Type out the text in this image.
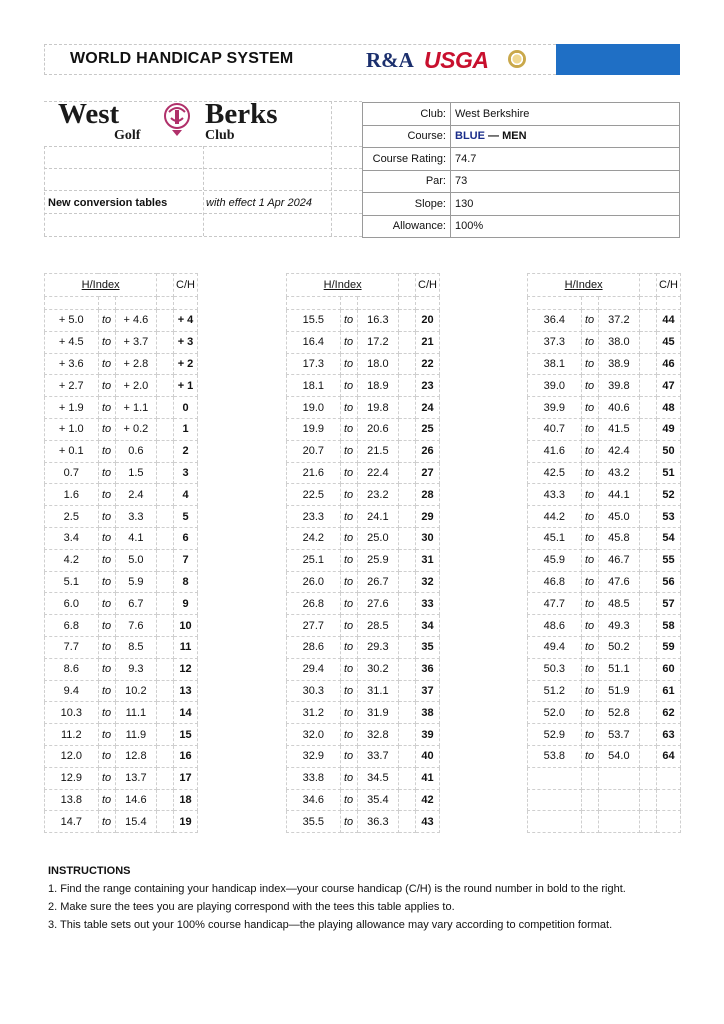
WORLD HANDICAP SYSTEM	R&A USGA
West	Berks
Golf	Club
New conversion tables	with effect 1 Apr 2024
Club:	West Berkshire
Course:	BLUE — MEN
Course Rating:	74.7
Par:	73
Slope:	130
Allowance:	100%
H/Index				C/H

+ 5.0	to	+ 4.6		+ 4
+ 4.5	to	+ 3.7		+ 3
+ 3.6	to	+ 2.8		+ 2
+ 2.7	to	+ 2.0		+ 1
+ 1.9	to	+ 1.1		0
+ 1.0	to	+ 0.2		1
+ 0.1	to	0.6		2
0.7	to	1.5		3
1.6	to	2.4		4
2.5	to	3.3		5
3.4	to	4.1		6
4.2	to	5.0		7
5.1	to	5.9		8
6.0	to	6.7		9
6.8	to	7.6		10
7.7	to	8.5		11
8.6	to	9.3		12
9.4	to	10.2		13
10.3	to	11.1		14
11.2	to	11.9		15
12.0	to	12.8		16
12.9	to	13.7		17
13.8	to	14.6		18
14.7	to	15.4		19
H/Index				C/H

15.5	to	16.3		20
16.4	to	17.2		21
17.3	to	18.0		22
18.1	to	18.9		23
19.0	to	19.8		24
19.9	to	20.6		25
20.7	to	21.5		26
21.6	to	22.4		27
22.5	to	23.2		28
23.3	to	24.1		29
24.2	to	25.0		30
25.1	to	25.9		31
26.0	to	26.7		32
26.8	to	27.6		33
27.7	to	28.5		34
28.6	to	29.3		35
29.4	to	30.2		36
30.3	to	31.1		37
31.2	to	31.9		38
32.0	to	32.8		39
32.9	to	33.7		40
33.8	to	34.5		41
34.6	to	35.4		42
35.5	to	36.3		43
H/Index				C/H

36.4	to	37.2		44
37.3	to	38.0		45
38.1	to	38.9		46
39.0	to	39.8		47
39.9	to	40.6		48
40.7	to	41.5		49
41.6	to	42.4		50
42.5	to	43.2		51
43.3	to	44.1		52
44.2	to	45.0		53
45.1	to	45.8		54
45.9	to	46.7		55
46.8	to	47.6		56
47.7	to	48.5		57
48.6	to	49.3		58
49.4	to	50.2		59
50.3	to	51.1		60
51.2	to	51.9		61
52.0	to	52.8		62
52.9	to	53.7		63
53.8	to	54.0		64

INSTRUCTIONS
1. Find the range containing your handicap index—your course handicap (C/H) is the round number in bold to the right.
2. Make sure the tees you are playing correspond with the tees this table applies to.
3. This table sets out your 100% course handicap—the playing allowance may vary according to competition format.
